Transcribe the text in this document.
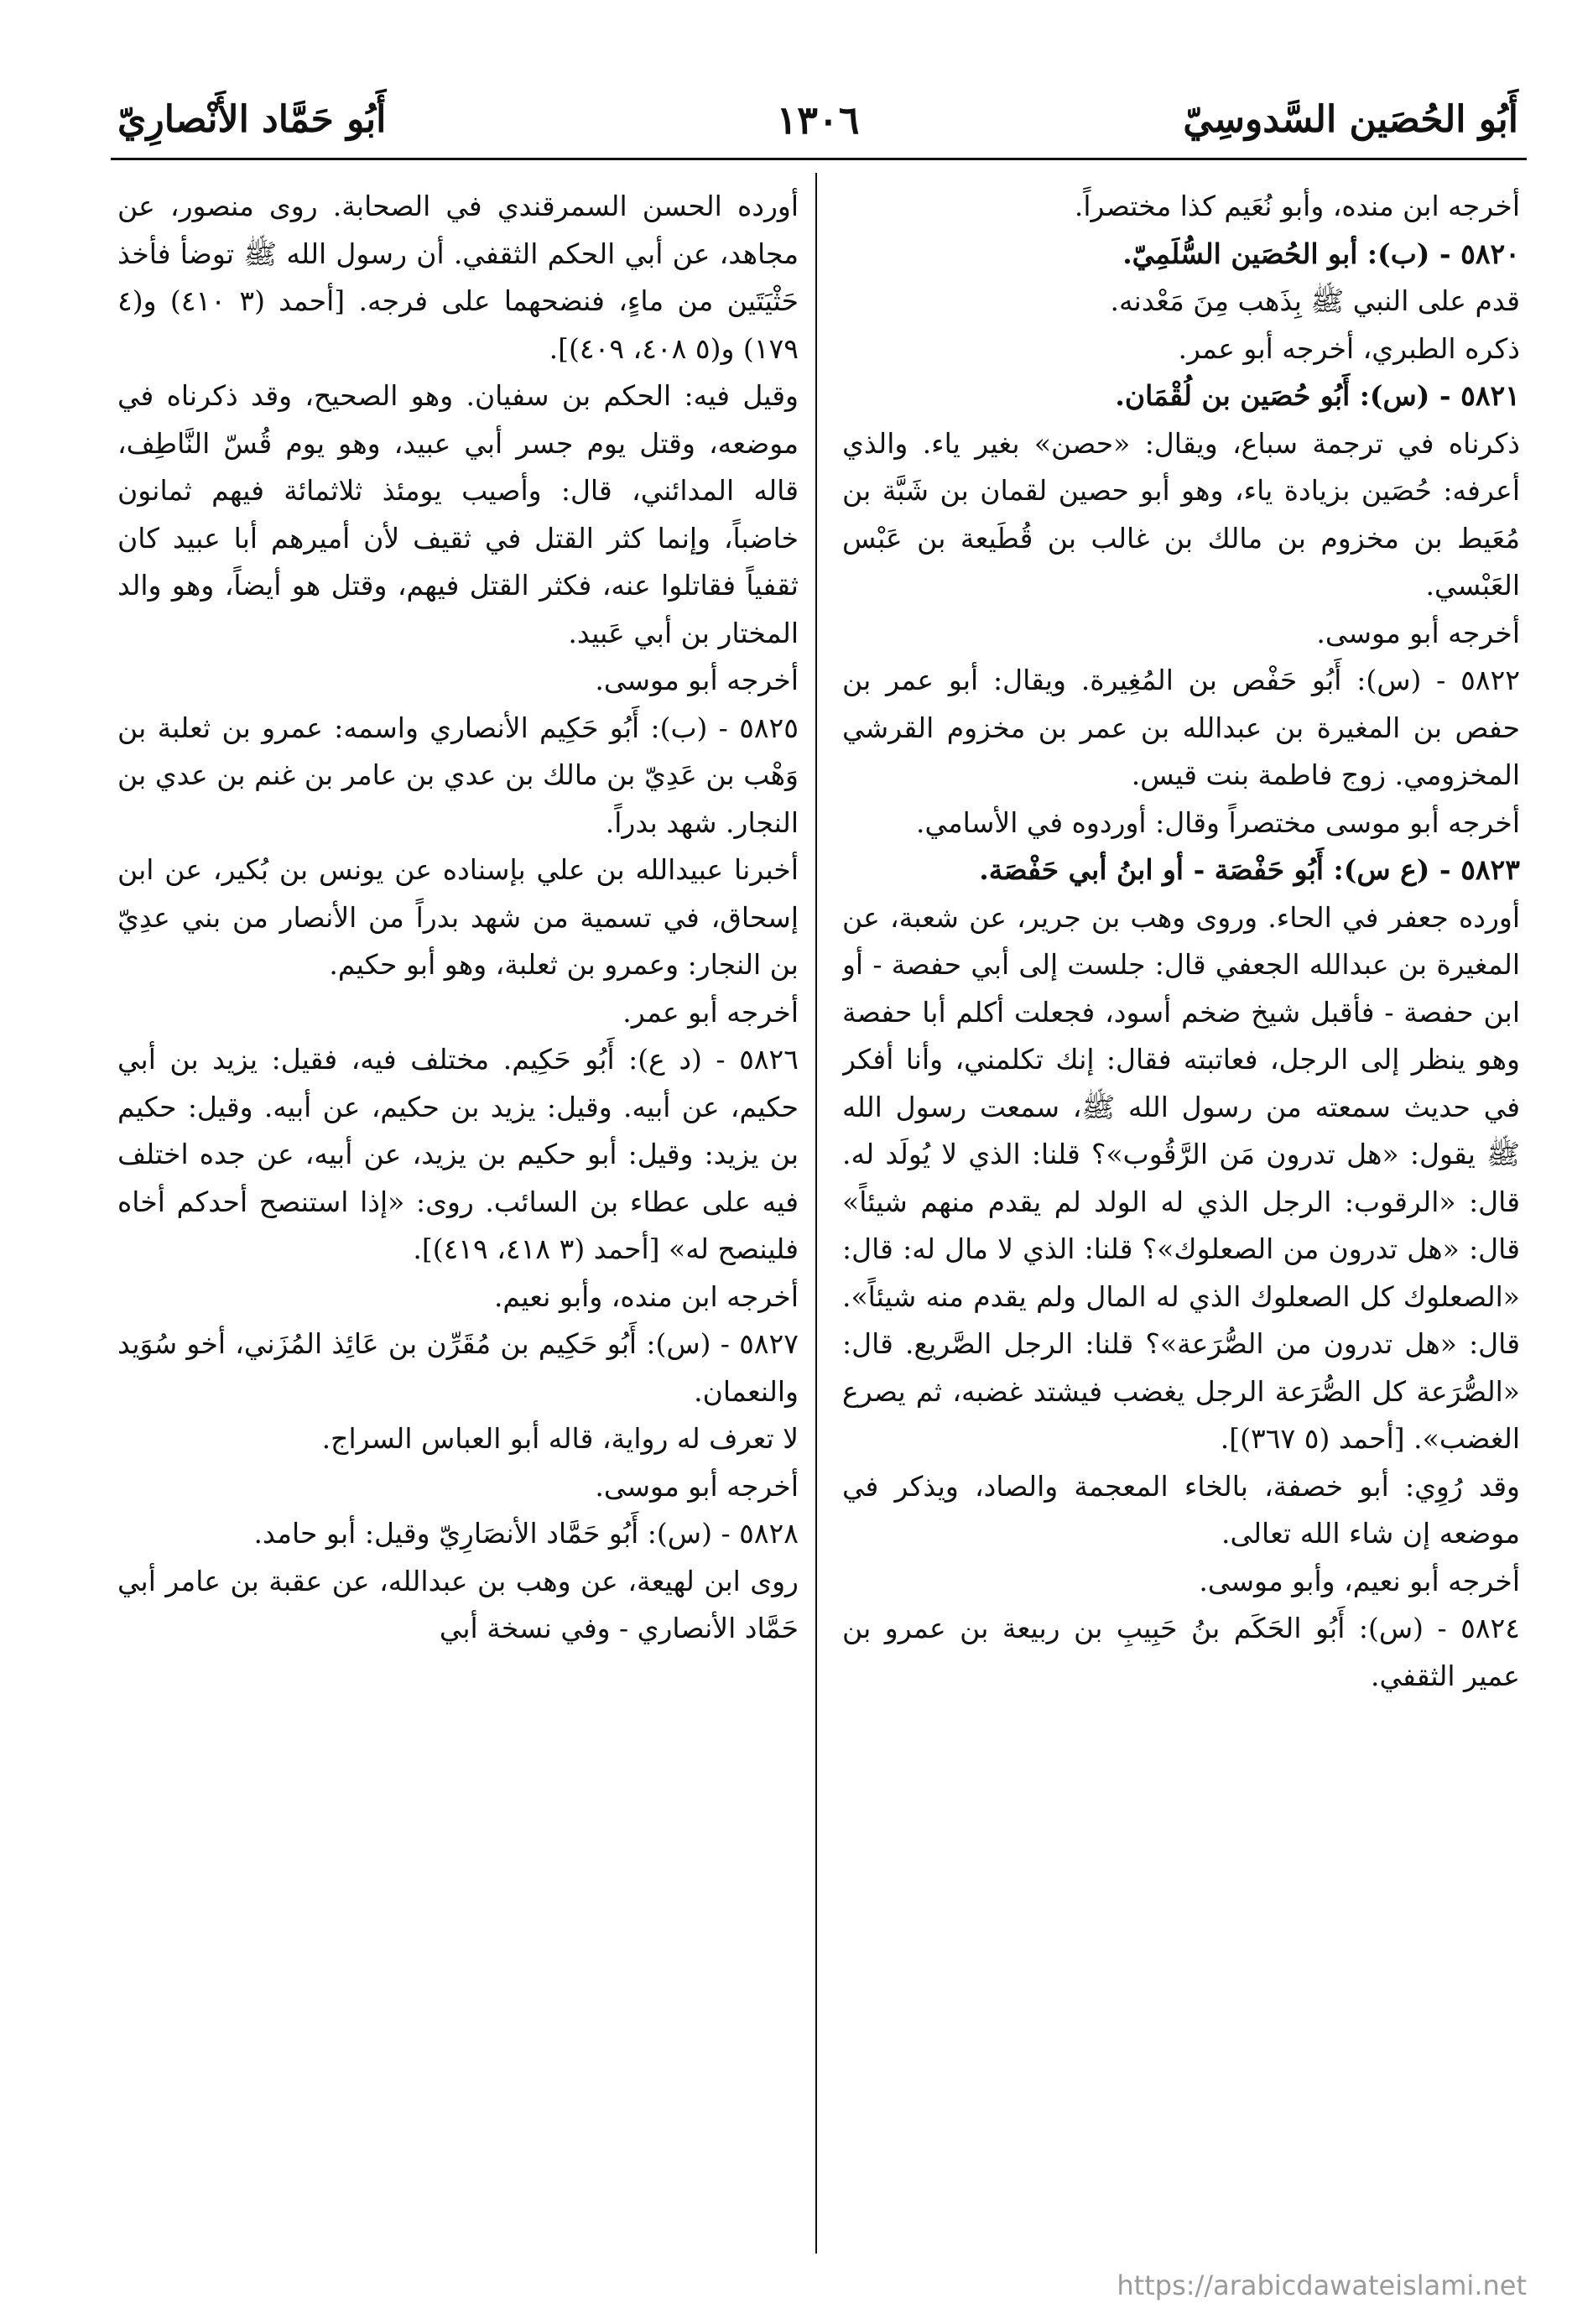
أَبُو الحُصَين السَّدوسِيّ
١٣٠٦
أَبُو حَمَّاد الأَنْصارِيّ

أخرجه ابن منده، وأبو نُعَيم كذا مختصراً.

٥٨٢٠ - (ب): أبو الحُصَين السُّلَمِيّ.

قدم على النبي ﷺ بِذَهب مِنَ مَعْدنه.

ذكره الطبري، أخرجه أبو عمر.

٥٨٢١ - (س): أَبُو حُصَين بن لُقْمَان.

ذكرناه في ترجمة سباع، ويقال: «حصن» بغير ياء. والذي أعرفه: حُصَين بزيادة ياء، وهو أبو حصين لقمان بن شَبَّة بن مُعَيط بن مخزوم بن مالك بن غالب بن قُطَيعة بن عَبْس العَبْسي.

أخرجه أبو موسى.

٥٨٢٢ - (س): أَبُو حَفْص بن المُغِيرة. ويقال: أبو عمر بن حفص بن المغيرة بن عبدالله بن عمر بن مخزوم القرشي المخزومي. زوج فاطمة بنت قيس.

أخرجه أبو موسى مختصراً وقال: أوردوه في الأسامي.

٥٨٢٣ - (ع س): أَبُو حَفْصَة - أو ابنُ أبي حَفْصَة.

أورده جعفر في الحاء. وروى وهب بن جرير، عن شعبة، عن المغيرة بن عبدالله الجعفي قال: جلست إلى أبي حفصة - أو ابن حفصة - فأقبل شيخ ضخم أسود، فجعلت أكلم أبا حفصة وهو ينظر إلى الرجل، فعاتبته فقال: إنك تكلمني، وأنا أفكر في حديث سمعته من رسول الله ﷺ، سمعت رسول الله ﷺ يقول: «هل تدرون مَن الرَّقُوب»؟ قلنا: الذي لا يُولَد له. قال: «الرقوب: الرجل الذي له الولد لم يقدم منهم شيئاً» قال: «هل تدرون من الصعلوك»؟ قلنا: الذي لا مال له: قال: «الصعلوك كل الصعلوك الذي له المال ولم يقدم منه شيئاً». قال: «هل تدرون من الصُّرَعة»؟ قلنا: الرجل الصَّريع. قال: «الصُّرَعة كل الصُّرَعة الرجل يغضب فيشتد غضبه، ثم يصرع الغضب». [أحمد (٥ ٣٦٧)].

وقد رُوِي: أبو خصفة، بالخاء المعجمة والصاد، ويذكر في موضعه إن شاء الله تعالى.

أخرجه أبو نعيم، وأبو موسى.

٥٨٢٤ - (س): أَبُو الحَكَم بنُ حَبِيبِ بن ربيعة بن عمرو بن عمير الثقفي.

أورده الحسن السمرقندي في الصحابة. روى منصور، عن مجاهد، عن أبي الحكم الثقفي. أن رسول الله ﷺ توضأ فأخذ حَثْيَتَين من ماءٍ، فنضحهما على فرجه. [أحمد (٣ ٤١٠) و(٤ ١٧٩) و(٥ ٤٠٨، ٤٠٩)].

وقيل فيه: الحكم بن سفيان. وهو الصحيح، وقد ذكرناه في موضعه، وقتل يوم جسر أبي عبيد، وهو يوم قُسّ النَّاطِف، قاله المدائني، قال: وأصيب يومئذ ثلاثمائة فيهم ثمانون خاضباً، وإنما كثر القتل في ثقيف لأن أميرهم أبا عبيد كان ثقفياً فقاتلوا عنه، فكثر القتل فيهم، وقتل هو أيضاً، وهو والد المختار بن أبي عَبيد.

أخرجه أبو موسى.

٥٨٢٥ - (ب): أَبُو حَكِيم الأنصاري واسمه: عمرو بن ثعلبة بن وَهْب بن عَدِيّ بن مالك بن عدي بن عامر بن غنم بن عدي بن النجار. شهد بدراً.

أخبرنا عبيدالله بن علي بإسناده عن يونس بن بُكير، عن ابن إسحاق، في تسمية من شهد بدراً من الأنصار من بني عدِيّ بن النجار: وعمرو بن ثعلبة، وهو أبو حكيم.

أخرجه أبو عمر.

٥٨٢٦ - (د ع): أَبُو حَكِيم. مختلف فيه، فقيل: يزيد بن أبي حكيم، عن أبيه. وقيل: يزيد بن حكيم، عن أبيه. وقيل: حكيم بن يزيد: وقيل: أبو حكيم بن يزيد، عن أبيه، عن جده اختلف فيه على عطاء بن السائب. روى: «إذا استنصح أحدكم أخاه فلينصح له» [أحمد (٣ ٤١٨، ٤١٩)].

أخرجه ابن منده، وأبو نعيم.

٥٨٢٧ - (س): أَبُو حَكِيم بن مُقَرِّن بن عَائِذ المُزَني، أخو سُوَيد والنعمان.

لا تعرف له رواية، قاله أبو العباس السراج.

أخرجه أبو موسى.

٥٨٢٨ - (س): أَبُو حَمَّاد الأنصَارِيّ وقيل: أبو حامد.

روى ابن لهيعة، عن وهب بن عبدالله، عن عقبة بن عامر أبي حَمَّاد الأنصاري - وفي نسخة أبي

https://arabicdawateislami.net
